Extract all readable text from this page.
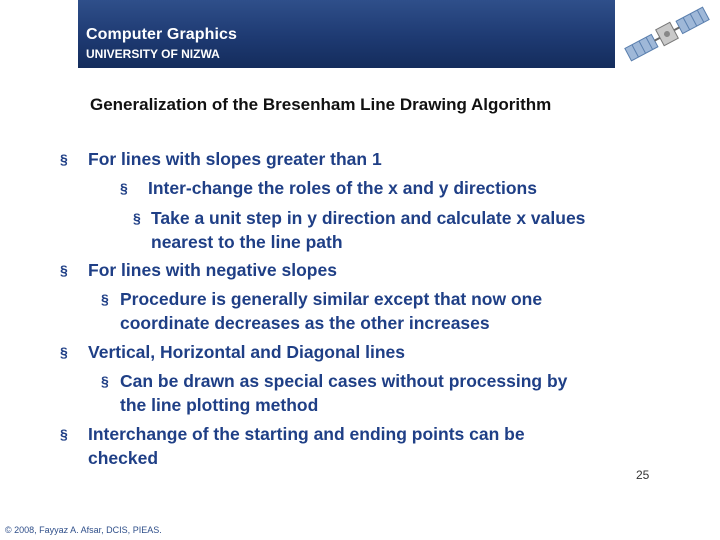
Computer Graphics
UNIVERSITY OF NIZWA
Generalization of the Bresenham Line Drawing Algorithm
§ For lines with slopes greater than 1
§ Inter-change the roles of the x and y directions
§ Take a unit step in y direction and calculate x values
nearest to the line path
§ For lines with negative slopes
§ Procedure is generally similar except that now one
coordinate decreases as the other increases
§ Vertical, Horizontal and Diagonal lines
§ Can be drawn as special cases without processing by
the line plotting method
§ Interchange of the starting and ending points can be
checked
25
© 2008, Fayyaz A. Afsar, DCIS, PIEAS.
